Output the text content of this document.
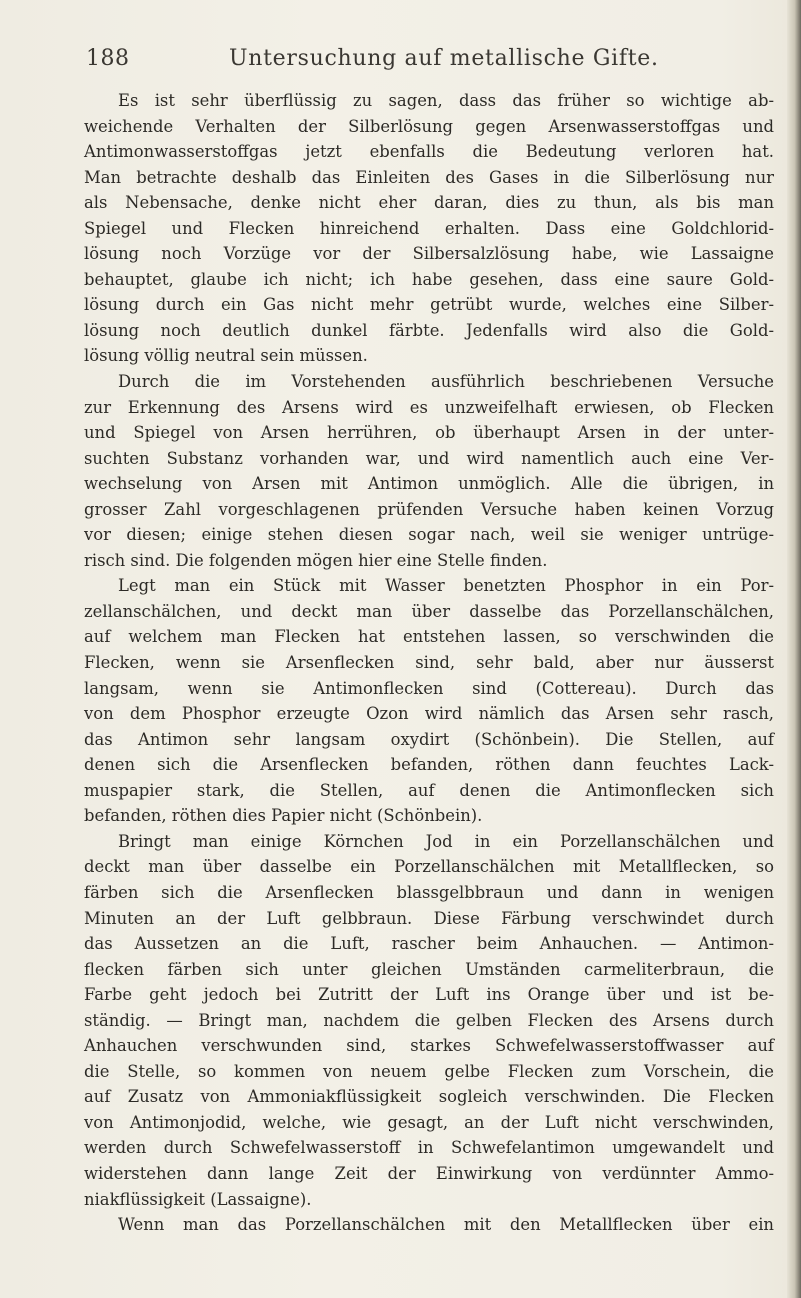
188	Untersuchung auf metallische Gifte.
Es ist sehr überflüssig zu sagen, dass das früher so wichtige ab-
weichende Verhalten der Silberlösung gegen Arsenwasserstoffgas und
Antimonwasserstoffgas jetzt ebenfalls die Bedeutung verloren hat.
Man betrachte deshalb das Einleiten des Gases in die Silberlösung nur
als Nebensache, denke nicht eher daran, dies zu thun, als bis man
Spiegel und Flecken hinreichend erhalten. Dass eine Goldchlorid-
lösung noch Vorzüge vor der Silbersalzlösung habe, wie Lassaigne
behauptet, glaube ich nicht; ich habe gesehen, dass eine saure Gold-
lösung durch ein Gas nicht mehr getrübt wurde, welches eine Silber-
lösung noch deutlich dunkel färbte. Jedenfalls wird also die Gold-
lösung völlig neutral sein müssen.
Durch die im Vorstehenden ausführlich beschriebenen Versuche
zur Erkennung des Arsens wird es unzweifelhaft erwiesen, ob Flecken
und Spiegel von Arsen herrühren, ob überhaupt Arsen in der unter-
suchten Substanz vorhanden war, und wird namentlich auch eine Ver-
wechselung von Arsen mit Antimon unmöglich. Alle die übrigen, in
grosser Zahl vorgeschlagenen prüfenden Versuche haben keinen Vorzug
vor diesen; einige stehen diesen sogar nach, weil sie weniger untrüge-
risch sind. Die folgenden mögen hier eine Stelle finden.
Legt man ein Stück mit Wasser benetzten Phosphor in ein Por-
zellanschälchen, und deckt man über dasselbe das Porzellanschälchen,
auf welchem man Flecken hat entstehen lassen, so verschwinden die
Flecken, wenn sie Arsenflecken sind, sehr bald, aber nur äusserst
langsam, wenn sie Antimonflecken sind (Cottereau). Durch das
von dem Phosphor erzeugte Ozon wird nämlich das Arsen sehr rasch,
das Antimon sehr langsam oxydirt (Schönbein). Die Stellen, auf
denen sich die Arsenflecken befanden, röthen dann feuchtes Lack-
muspapier stark, die Stellen, auf denen die Antimonflecken sich
befanden, röthen dies Papier nicht (Schönbein).
Bringt man einige Körnchen Jod in ein Porzellanschälchen und
deckt man über dasselbe ein Porzellanschälchen mit Metallflecken, so
färben sich die Arsenflecken blassgelbbraun und dann in wenigen
Minuten an der Luft gelbbraun. Diese Färbung verschwindet durch
das Aussetzen an die Luft, rascher beim Anhauchen. — Antimon-
flecken färben sich unter gleichen Umständen carmeliterbraun, die
Farbe geht jedoch bei Zutritt der Luft ins Orange über und ist be-
ständig. — Bringt man, nachdem die gelben Flecken des Arsens durch
Anhauchen verschwunden sind, starkes Schwefelwasserstoffwasser auf
die Stelle, so kommen von neuem gelbe Flecken zum Vorschein, die
auf Zusatz von Ammoniakflüssigkeit sogleich verschwinden. Die Flecken
von Antimonjodid, welche, wie gesagt, an der Luft nicht verschwinden,
werden durch Schwefelwasserstoff in Schwefelantimon umgewandelt und
widerstehen dann lange Zeit der Einwirkung von verdünnter Ammo-
niakflüssigkeit (Lassaigne).
Wenn man das Porzellanschälchen mit den Metallflecken über ein
